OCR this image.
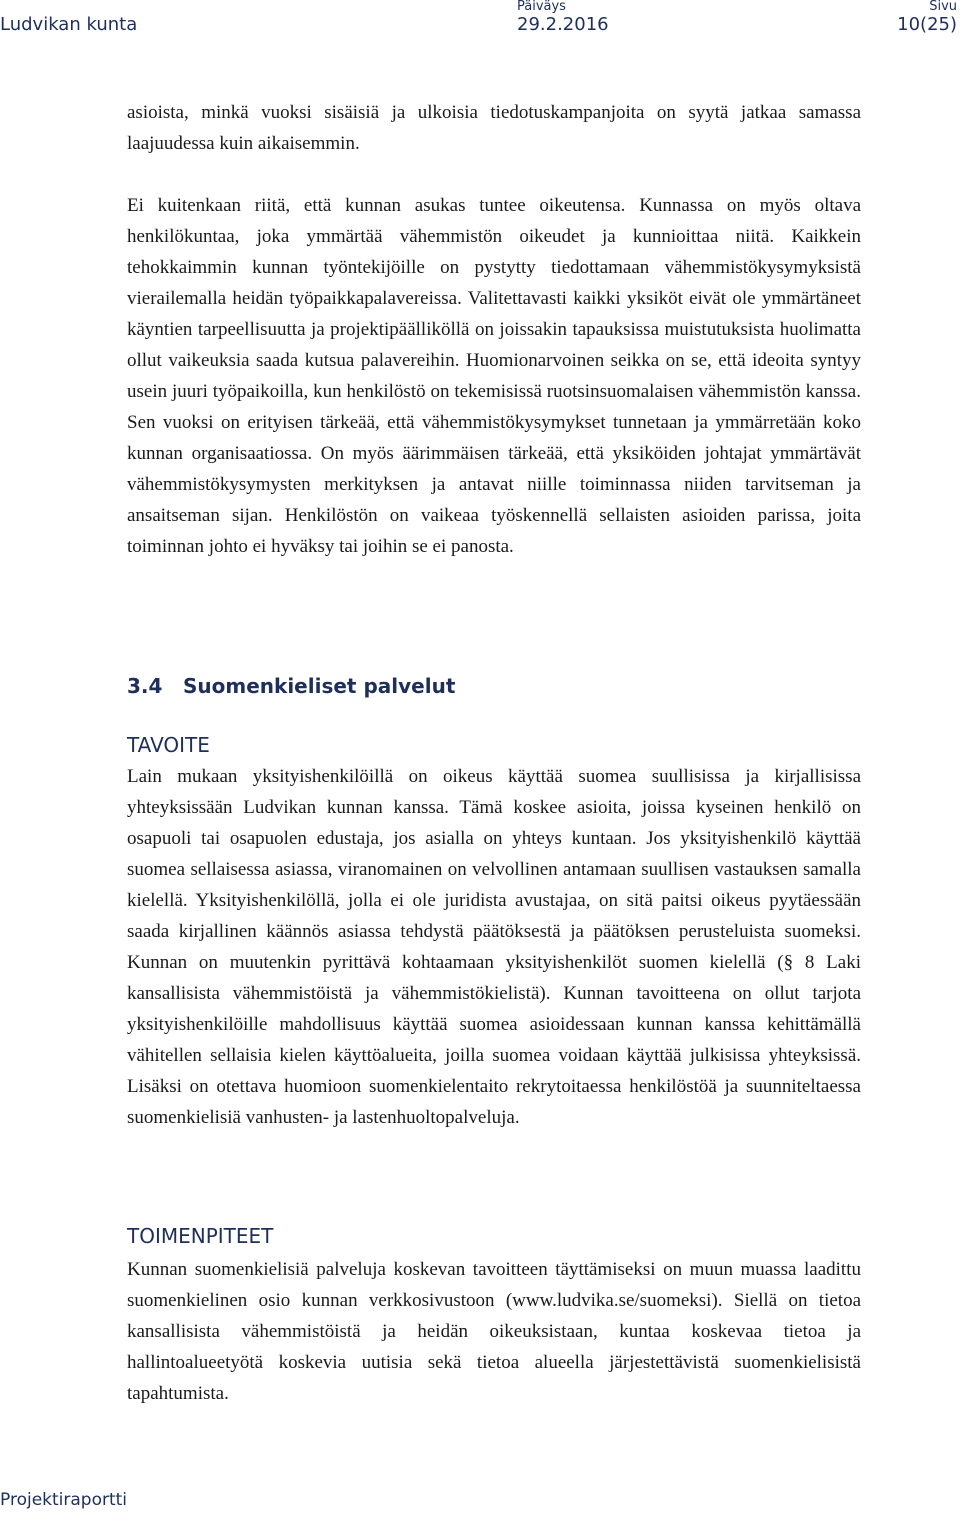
Ludvikan kunta
Päiväys
29.2.2016
Sivu
10(25)

asioista, minkä vuoksi sisäisiä ja ulkoisia tiedotuskampanjoita on syytä jatkaa samassa laajuudessa kuin aikaisemmin.

Ei kuitenkaan riitä, että kunnan asukas tuntee oikeutensa. Kunnassa on myös oltava henkilökuntaa, joka ymmärtää vähemmistön oikeudet ja kunnioittaa niitä. Kaikkein tehokkaimmin kunnan työntekijöille on pystytty tiedottamaan vähemmistökysymyksistä vierailemalla heidän työpaikkapalavereissa. Valitettavasti kaikki yksiköt eivät ole ymmärtäneet käyntien tarpeellisuutta ja projektipäälliköllä on joissakin tapauksissa muistutuksista huolimatta ollut vaikeuksia saada kutsua palavereihin. Huomionarvoinen seikka on se, että ideoita syntyy usein juuri työpaikoilla, kun henkilöstö on tekemisissä ruotsinsuomalaisen vähemmistön kanssa. Sen vuoksi on erityisen tärkeää, että vähemmistökysymykset tunnetaan ja ymmärretään koko kunnan organisaatiossa. On myös äärimmäisen tärkeää, että yksiköiden johtajat ymmärtävät vähemmistökysymysten merkityksen ja antavat niille toiminnassa niiden tarvitseman ja ansaitseman sijan. Henkilöstön on vaikeaa työskennellä sellaisten asioiden parissa, joita toiminnan johto ei hyväksy tai joihin se ei panosta.

3.4 Suomenkieliset palvelut
TAVOITE

Lain mukaan yksityishenkilöillä on oikeus käyttää suomea suullisissa ja kirjallisissa yhteyksissään Ludvikan kunnan kanssa. Tämä koskee asioita, joissa kyseinen henkilö on osapuoli tai osapuolen edustaja, jos asialla on yhteys kuntaan. Jos yksityishenkilö käyttää suomea sellaisessa asiassa, viranomainen on velvollinen antamaan suullisen vastauksen samalla kielellä. Yksityishenkilöllä, jolla ei ole juridista avustajaa, on sitä paitsi oikeus pyytäessään saada kirjallinen käännös asiassa tehdystä päätöksestä ja päätöksen perusteluista suomeksi. Kunnan on muutenkin pyrittävä kohtaamaan yksityishenkilöt suomen kielellä (§ 8 Laki kansallisista vähemmistöistä ja vähemmistökielistä). Kunnan tavoitteena on ollut tarjota yksityishenkilöille mahdollisuus käyttää suomea asioidessaan kunnan kanssa kehittämällä vähitellen sellaisia kielen käyttöalueita, joilla suomea voidaan käyttää julkisissa yhteyksissä. Lisäksi on otettava huomioon suomenkielentaito rekrytoitaessa henkilöstöä ja suunniteltaessa suomenkielisiä vanhusten- ja lastenhuoltopalveluja.

TOIMENPITEET

Kunnan suomenkielisiä palveluja koskevan tavoitteen täyttämiseksi on muun muassa laadittu suomenkielinen osio kunnan verkkosivustoon (www.ludvika.se/suomeksi). Siellä on tietoa kansallisista vähemmistöistä ja heidän oikeuksistaan, kuntaa koskevaa tietoa ja hallintoalueetyötä koskevia uutisia sekä tietoa alueella järjestettävistä suomenkielisistä tapahtumista.

Projektiraportti
